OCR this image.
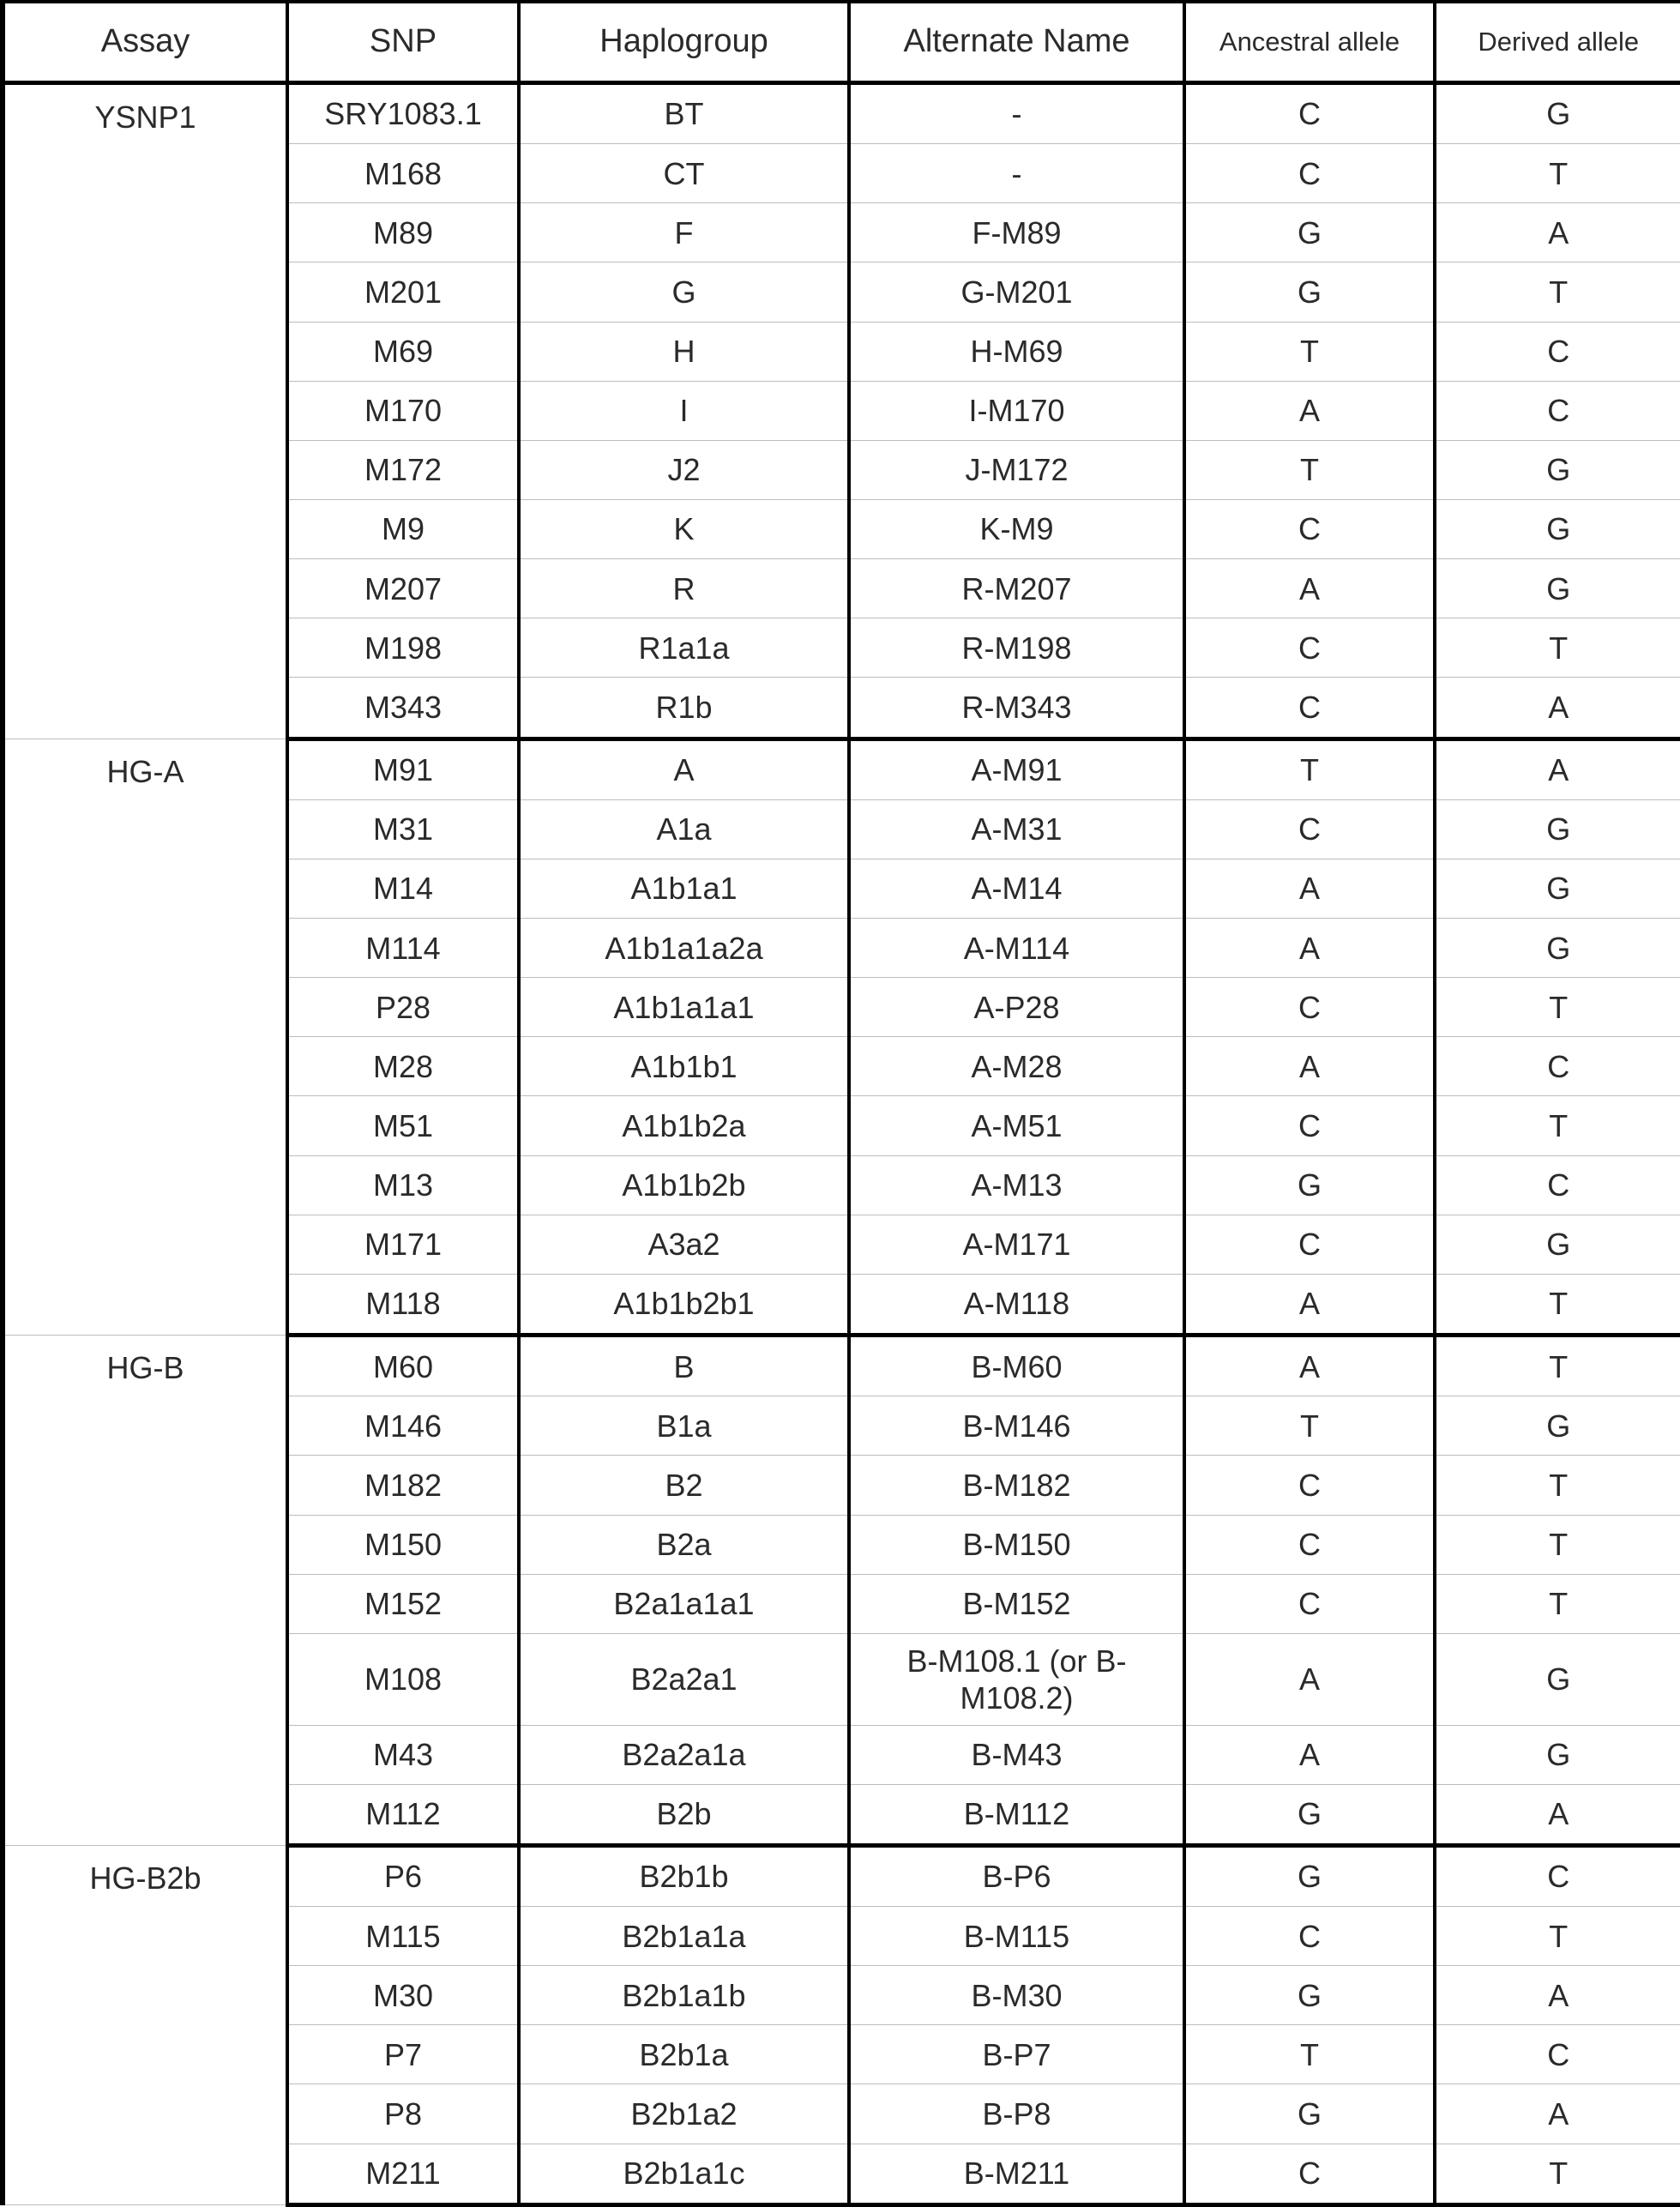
Assay	SNP	Haplogroup	Alternate Name	Ancestral allele	Derived allele
YSNP1	SRY1083.1	BT	-	C	G
	M168	CT	-	C	T
	M89	F	F-M89	G	A
	M201	G	G-M201	G	T
	M69	H	H-M69	T	C
	M170	I	I-M170	A	C
	M172	J2	J-M172	T	G
	M9	K	K-M9	C	G
	M207	R	R-M207	A	G
	M198	R1a1a	R-M198	C	T
	M343	R1b	R-M343	C	A
HG-A	M91	A	A-M91	T	A
	M31	A1a	A-M31	C	G
	M14	A1b1a1	A-M14	A	G
	M114	A1b1a1a2a	A-M114	A	G
	P28	A1b1a1a1	A-P28	C	T
	M28	A1b1b1	A-M28	A	C
	M51	A1b1b2a	A-M51	C	T
	M13	A1b1b2b	A-M13	G	C
	M171	A3a2	A-M171	C	G
	M118	A1b1b2b1	A-M118	A	T
HG-B	M60	B	B-M60	A	T
	M146	B1a	B-M146	T	G
	M182	B2	B-M182	C	T
	M150	B2a	B-M150	C	T
	M152	B2a1a1a1	B-M152	C	T
	M108	B2a2a1	B-M108.1 (or B-M108.2)	A	G
	M43	B2a2a1a	B-M43	A	G
	M112	B2b	B-M112	G	A
HG-B2b	P6	B2b1b	B-P6	G	C
	M115	B2b1a1a	B-M115	C	T
	M30	B2b1a1b	B-M30	G	A
	P7	B2b1a	B-P7	T	C
	P8	B2b1a2	B-P8	G	A
	M211	B2b1a1c	B-M211	C	T
